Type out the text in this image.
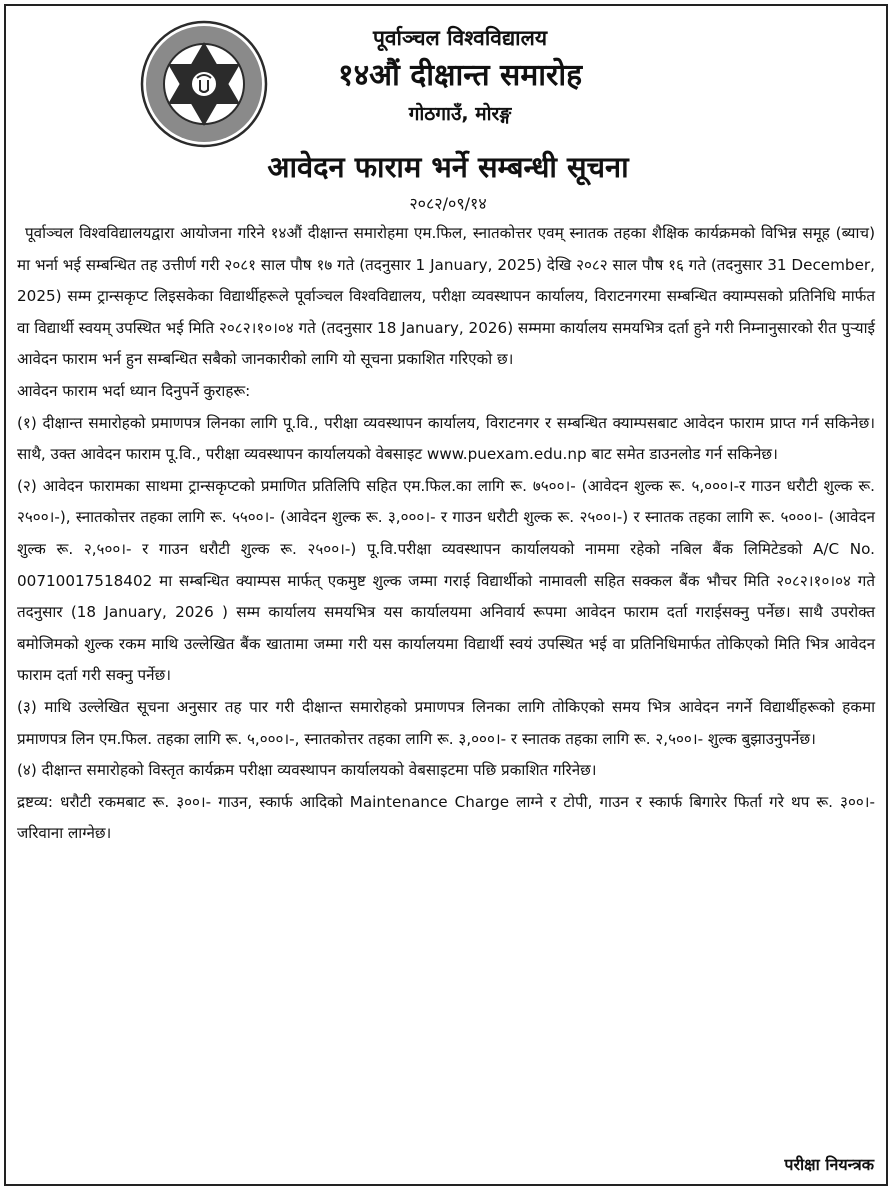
पूर्वाञ्चल विश्वविद्यालय
१४औं दीक्षान्त समारोह
गोठगाउँ, मोरङ्ग
आवेदन फाराम भर्ने सम्बन्धी सूचना
२०८२/०९/१४

पूर्वाञ्चल विश्वविद्यालयद्वारा आयोजना गरिने १४औं दीक्षान्त समारोहमा एम.फिल, स्नातकोत्तर एवम् स्नातक तहका शैक्षिक कार्यक्रमको विभिन्न समूह (ब्याच) मा भर्ना भई सम्बन्धित तह उत्तीर्ण गरी २०८१ साल पौष १७ गते (तदनुसार 1 January, 2025) देखि २०८२ साल पौष १६ गते (तदनुसार 31 December, 2025) सम्म ट्रान्सकृप्ट लिइसकेका विद्यार्थीहरूले पूर्वाञ्चल विश्वविद्यालय, परीक्षा व्यवस्थापन कार्यालय, विराटनगरमा सम्बन्धित क्याम्पसको प्रतिनिधि मार्फत वा विद्यार्थी स्वयम् उपस्थित भई मिति २०८२।१०।०४ गते (तदनुसार 18 January, 2026) सम्ममा कार्यालय समयभित्र दर्ता हुने गरी निम्नानुसारको रीत पुऱ्याई आवेदन फाराम भर्न हुन सम्बन्धित सबैको जानकारीको लागि यो सूचना प्रकाशित गरिएको छ।

आवेदन फाराम भर्दा ध्यान दिनुपर्ने कुराहरू:

(१) दीक्षान्त समारोहको प्रमाणपत्र लिनका लागि पू.वि., परीक्षा व्यवस्थापन कार्यालय, विराटनगर र सम्बन्धित क्याम्पसबाट आवेदन फाराम प्राप्त गर्न सकिनेछ। साथै, उक्त आवेदन फाराम पू.वि., परीक्षा व्यवस्थापन कार्यालयको वेबसाइट www.puexam.edu.np बाट समेत डाउनलोड गर्न सकिनेछ।

(२) आवेदन फारामका साथमा ट्रान्सकृप्टको प्रमाणित प्रतिलिपि सहित एम.फिल.का लागि रू. ७५००।- (आवेदन शुल्क रू. ५,०००।-र गाउन धरौटी शुल्क रू. २५००।-), स्नातकोत्तर तहका लागि रू. ५५००।- (आवेदन शुल्क रू. ३,०००।- र गाउन धरौटी शुल्क रू. २५००।-) र स्नातक तहका लागि रू. ५०००।- (आवेदन शुल्क रू. २,५००।- र गाउन धरौटी शुल्क रू. २५००।-) पू.वि.परीक्षा व्यवस्थापन कार्यालयको नाममा रहेको नबिल बैंक लिमिटेडको A/C No. 00710017518402 मा सम्बन्धित क्याम्पस मार्फत् एकमुष्ट शुल्क जम्मा गराई विद्यार्थीको नामावली सहित सक्कल बैंक भौचर मिति २०८२।१०।०४ गते तदनुसार (18 January, 2026 ) सम्म कार्यालय समयभित्र यस कार्यालयमा अनिवार्य रूपमा आवेदन फाराम दर्ता गराईसक्नु पर्नेछ। साथै उपरोक्त बमोजिमको शुल्क रकम माथि उल्लेखित बैंक खातामा जम्मा गरी यस कार्यालयमा विद्यार्थी स्वयं उपस्थित भई वा प्रतिनिधिमार्फत तोकिएको मिति भित्र आवेदन फाराम दर्ता गरी सक्नु पर्नेछ।

(३) माथि उल्लेखित सूचना अनुसार तह पार गरी दीक्षान्त समारोहको प्रमाणपत्र लिनका लागि तोकिएको समय भित्र आवेदन नगर्ने विद्यार्थीहरूको हकमा प्रमाणपत्र लिन एम.फिल. तहका लागि रू. ५,०००।-, स्नातकोत्तर तहका लागि रू. ३,०००।- र स्नातक तहका लागि रू. २,५००।- शुल्क बुझाउनुपर्नेछ।

(४) दीक्षान्त समारोहको विस्तृत कार्यक्रम परीक्षा व्यवस्थापन कार्यालयको वेबसाइटमा पछि प्रकाशित गरिनेछ।

द्रष्टव्य: धरौटी रकमबाट रू. ३००।- गाउन, स्कार्फ आदिको Maintenance Charge लाग्ने र टोपी, गाउन र स्कार्फ बिगारेर फिर्ता गरे थप रू. ३००।- जरिवाना लाग्नेछ।

परीक्षा नियन्त्रक
